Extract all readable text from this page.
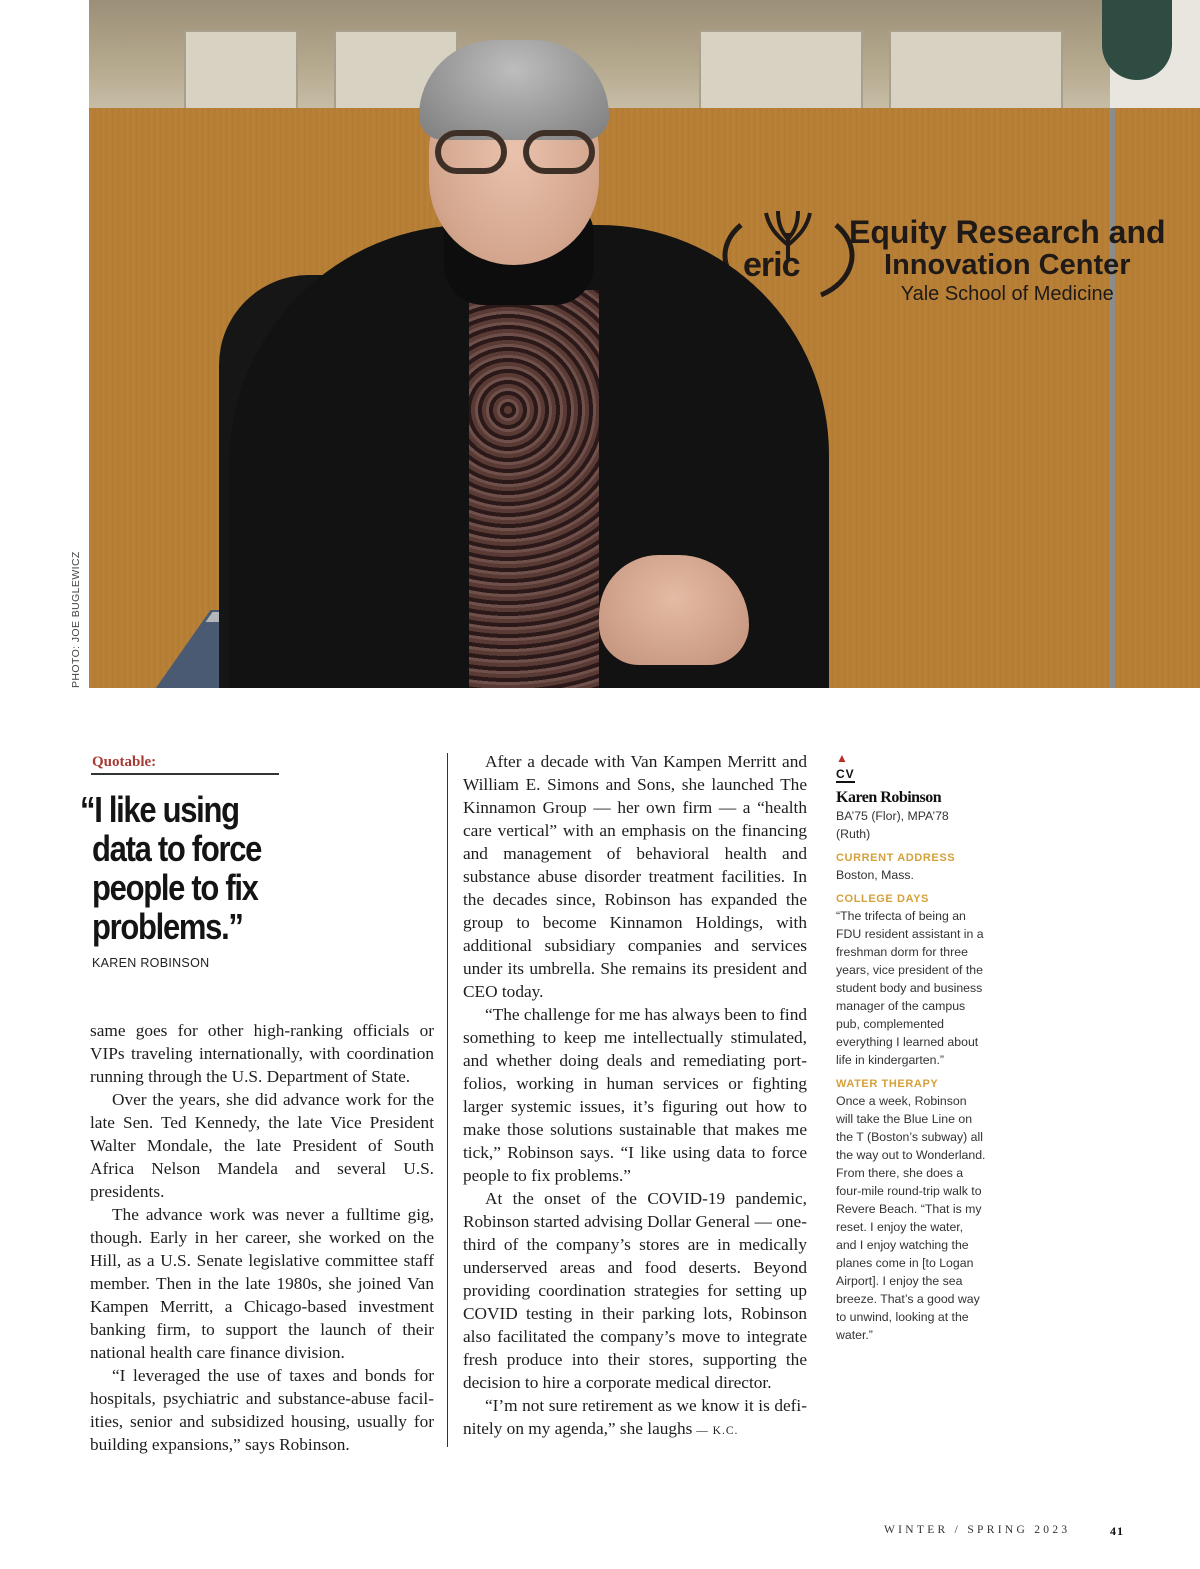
eric
Equity Research and
Innovation Center
Yale School of Medicine
PHOTO: JOE BUGLEWICZ
Quotable:
“I like using
data to force
people to fix
problems.”
KAREN ROBINSON

same goes for other high-ranking officials or VIPs traveling internationally, with coordination running through the U.S. Department of State.

Over the years, she did advance work for the late Sen. Ted Kennedy, the late Vice President Walter Mondale, the late President of South Africa Nelson Mandela and several U.S. presidents.

The advance work was never a fulltime gig, though. Early in her career, she worked on the Hill, as a U.S. Senate legislative committee staff member. Then in the late 1980s, she joined Van Kampen Merritt, a Chicago-based investment banking firm, to support the launch of their national health care finance division.

“I leveraged the use of taxes and bonds for hospitals, psychiatric and substance-abuse facilities, senior and subsidized housing, usually for building expansions,” says Robinson.

After a decade with Van Kampen Merritt and William E. Simons and Sons, she launched The Kinnamon Group — her own firm — a “health care vertical” with an emphasis on the financing and management of behavioral health and substance abuse disorder treatment facilities. In the decades since, Robinson has expanded the group to become Kinnamon Holdings, with additional subsidiary companies and services under its umbrella. She remains its president and CEO today.

“The challenge for me has always been to find something to keep me intellectually stimulated, and whether doing deals and remediating portfolios, working in human services or fighting larger systemic issues, it’s figuring out how to make those solutions sustainable that makes me tick,” Robinson says. “I like using data to force people to fix problems.”

At the onset of the COVID-19 pandemic, Robinson started advising Dollar General — one-third of the company’s stores are in medically underserved areas and food deserts. Beyond providing coordination strategies for setting up COVID testing in their parking lots, Robinson also facilitated the company’s move to integrate fresh produce into their stores, supporting the decision to hire a corporate medical director.

“I’m not sure retirement as we know it is definitely on my agenda,” she laughs — K.C.

▲
CV
Karen Robinson
BA’75 (Flor), MPA’78 (Ruth)
CURRENT ADDRESS
Boston, Mass.
COLLEGE DAYS
“The trifecta of being an FDU resident assistant in a freshman dorm for three years, vice president of the student body and business manager of the campus pub, complemented everything I learned about life in kindergarten.”
WATER THERAPY
Once a week, Robinson will take the Blue Line on the T (Boston’s subway) all the way out to Wonderland. From there, she does a four-mile round-trip walk to Revere Beach. “That is my reset. I enjoy the water, and I enjoy watching the planes come in [to Logan Airport]. I enjoy the sea breeze. That’s a good way to unwind, looking at the water.”
WINTER / SPRING 2023	41
